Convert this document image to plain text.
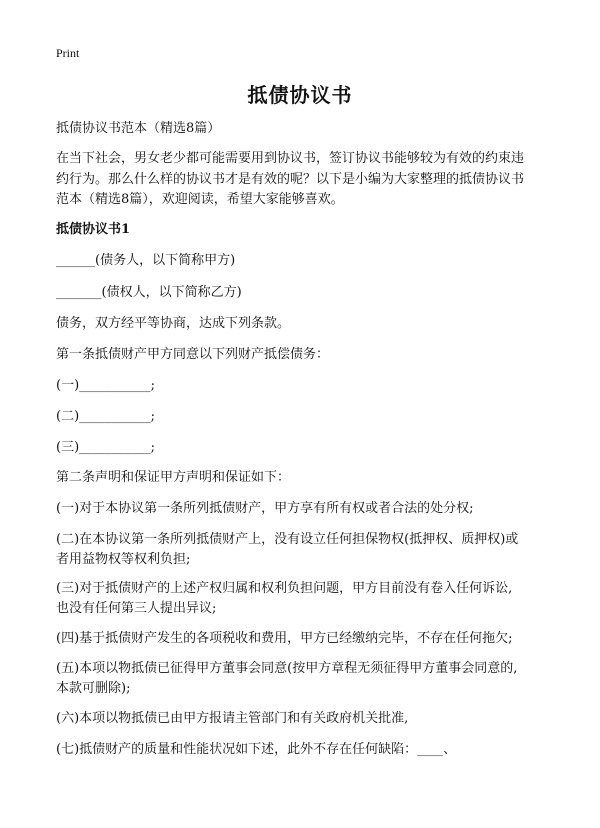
Print
抵债协议书
抵债协议书范本（精选8篇）
在当下社会，男女老少都可能需要用到协议书，签订协议书能够较为有效的约束违
约行为。那么什么样的协议书才是有效的呢？以下是小编为大家整理的抵债协议书
范本（精选8篇），欢迎阅读，希望大家能够喜欢。
抵债协议书1
______(债务人，以下简称甲方)
_______(债权人，以下简称乙方)
债务，双方经平等协商，达成下列条款。
第一条抵债财产甲方同意以下列财产抵偿债务：
(一)___________;
(二)___________;
(三)___________;
第二条声明和保证甲方声明和保证如下：
(一)对于本协议第一条所列抵债财产，甲方享有所有权或者合法的处分权;
(二)在本协议第一条所列抵债财产上，没有设立任何担保物权(抵押权、质押权)或
者用益物权等权利负担;
(三)对于抵债财产的上述产权归属和权利负担问题，甲方目前没有卷入任何诉讼,
也没有任何第三人提出异议;
(四)基于抵债财产发生的各项税收和费用，甲方已经缴纳完毕，不存在任何拖欠;
(五)本项以物抵债已征得甲方董事会同意(按甲方章程无须征得甲方董事会同意的,
本款可删除);
(六)本项以物抵债已由甲方报请主管部门和有关政府机关批准,
(七)抵债财产的质量和性能状况如下述，此外不存在任何缺陷：____、
